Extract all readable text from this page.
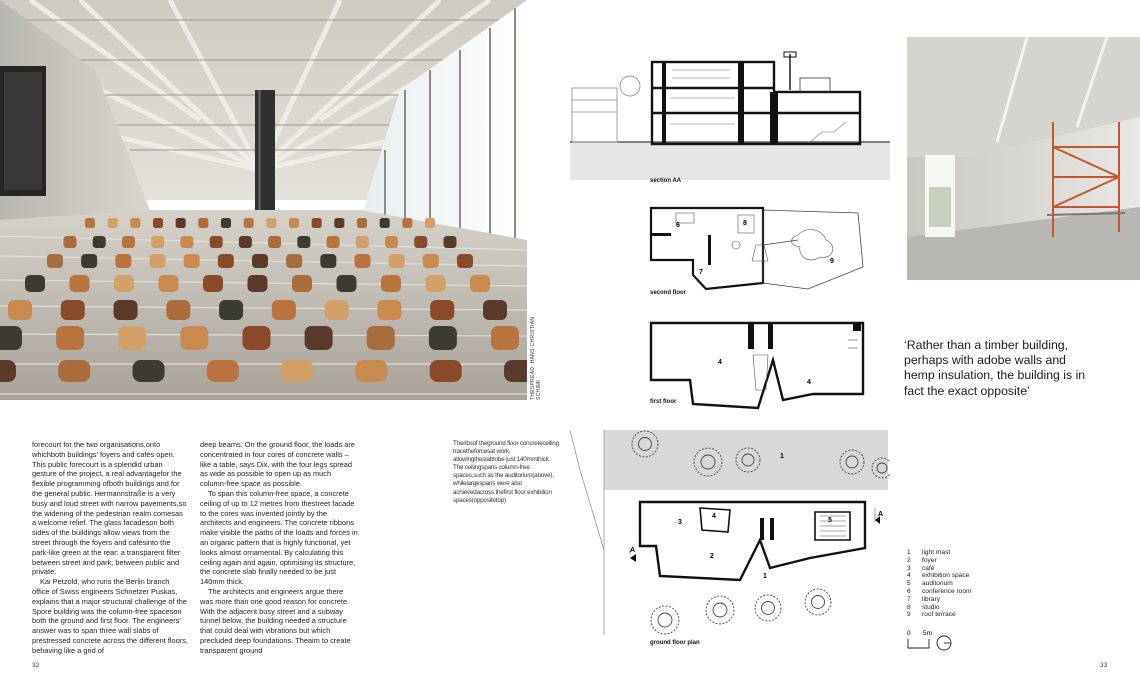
THESPREAD: HANS-CHRISTIAN SCHINK

forecourt for the two organisations,onto whichboth buildings' foyers and cafés open. This public forecourt is a splendid urban gesture of the project, a real advantagefor the flexible programming ofboth buildings and for the general public. Hermannstraße is a very busy and loud street with narrow pavements,so the widening of the pedestrian realm comesas a welcome relief. The glass facadeson both sides of the buildings allow views from the street through the foyers and cafésinto the park-like green at the rear: a transparent filter between street and park, between public and private.

Kai Petzold, who runs the Berlin branch office of Swiss engineers Schnetzer Puskas, explains that a major structural challenge of the Spore building was the column-free spaceson both the ground and first floor. The engineers' answer was to span three wall slabs of prestressed concrete across the different floors, behaving like a grid of

deep beams. On the ground floor, the loads are concentrated in four cores of concrete walls – like a table, says Dix, with the four legs spread as wide as possible to open up as much column-free space as possible.

To span this column-free space, a concrete ceiling of up to 12 metres from thestreet facade to the cores was invented jointly by the architects and engineers. The concrete ribbons make visible the paths of the loads and forces in an organic pattern that is highly functional, yet looks almost ornamental. By calculating this ceiling again and again, optimising its structure, the concrete slab finally needed to be just 140mm thick.

The architects and engineers argue there was more than one good reason for concrete. With the adjacent busy street and a subway tunnel below, the building needed a structure that could deal with vibrations but which precluded deep foundations. Theaim to create transparent ground

Theribsof theground floor concreteceiling tracetheforcesat work, allowingtheslabtobe just 140mmthick. The ceilingspans column-free spaces,such as the auditorium(above), whilelargespans were also achievedacross thefirst floor exhibition spaces(oppositetop)
section AA
6	8
7
9
second floor
4
4
first floor
1
4
3	5
2
1
A
A
ground floor plan
‘Rather than a timber building, perhaps with adobe walls and hemp insulation, the building is in fact the exact opposite’
1	light mast
2	foyer
3	café
4	exhibition space
5	auditorium
6	conference room
7	library
8	studio
9	roof terrace
0 5m
32	33
